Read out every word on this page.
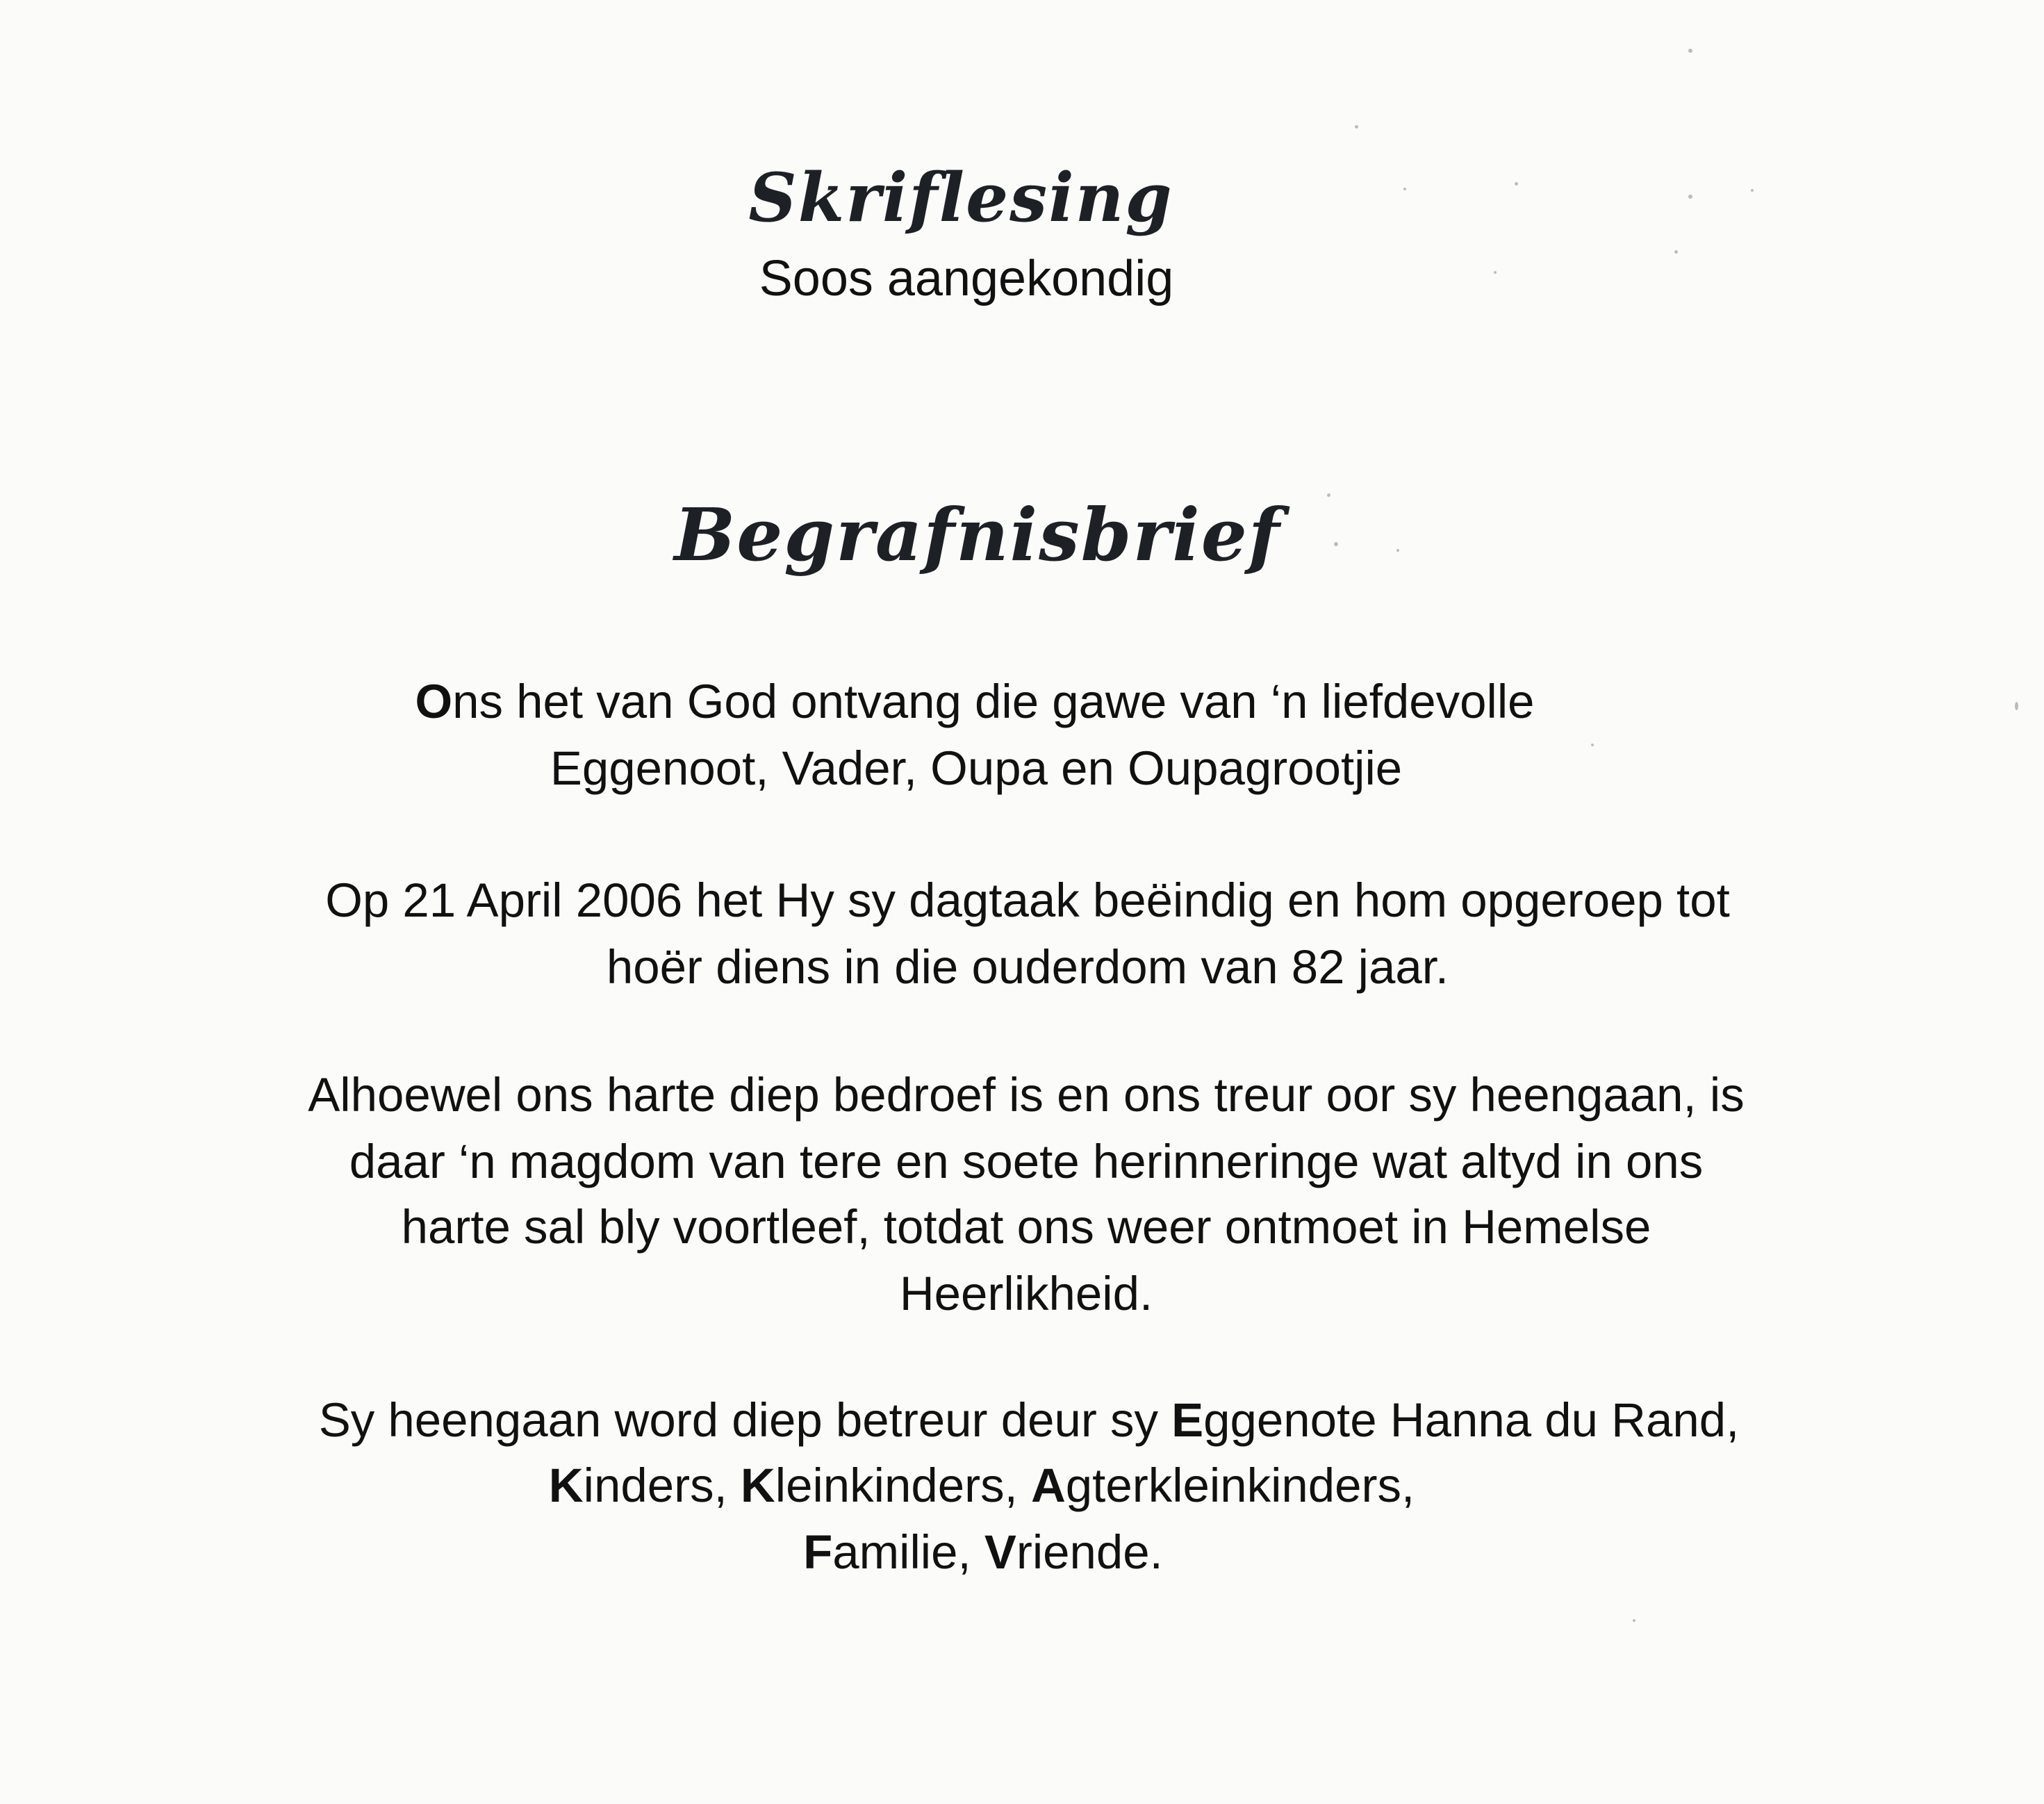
Skriflesing
Soos aangekondig
Begrafnisbrief
Ons het van God ontvang die gawe van ‘n liefdevolle
Eggenoot, Vader, Oupa en Oupagrootjie
Op 21 April 2006 het Hy sy dagtaak beëindig en hom opgeroep tot
hoër diens in die ouderdom van 82 jaar.
Alhoewel ons harte diep bedroef is en ons treur oor sy heengaan, is
daar ‘n magdom van tere en soete herinneringe wat altyd in ons
harte sal bly voortleef, totdat ons weer ontmoet in Hemelse
Heerlikheid.
Sy heengaan word diep betreur deur sy Eggenote Hanna du Rand,
Kinders, Kleinkinders, Agterkleinkinders,
Familie, Vriende.
